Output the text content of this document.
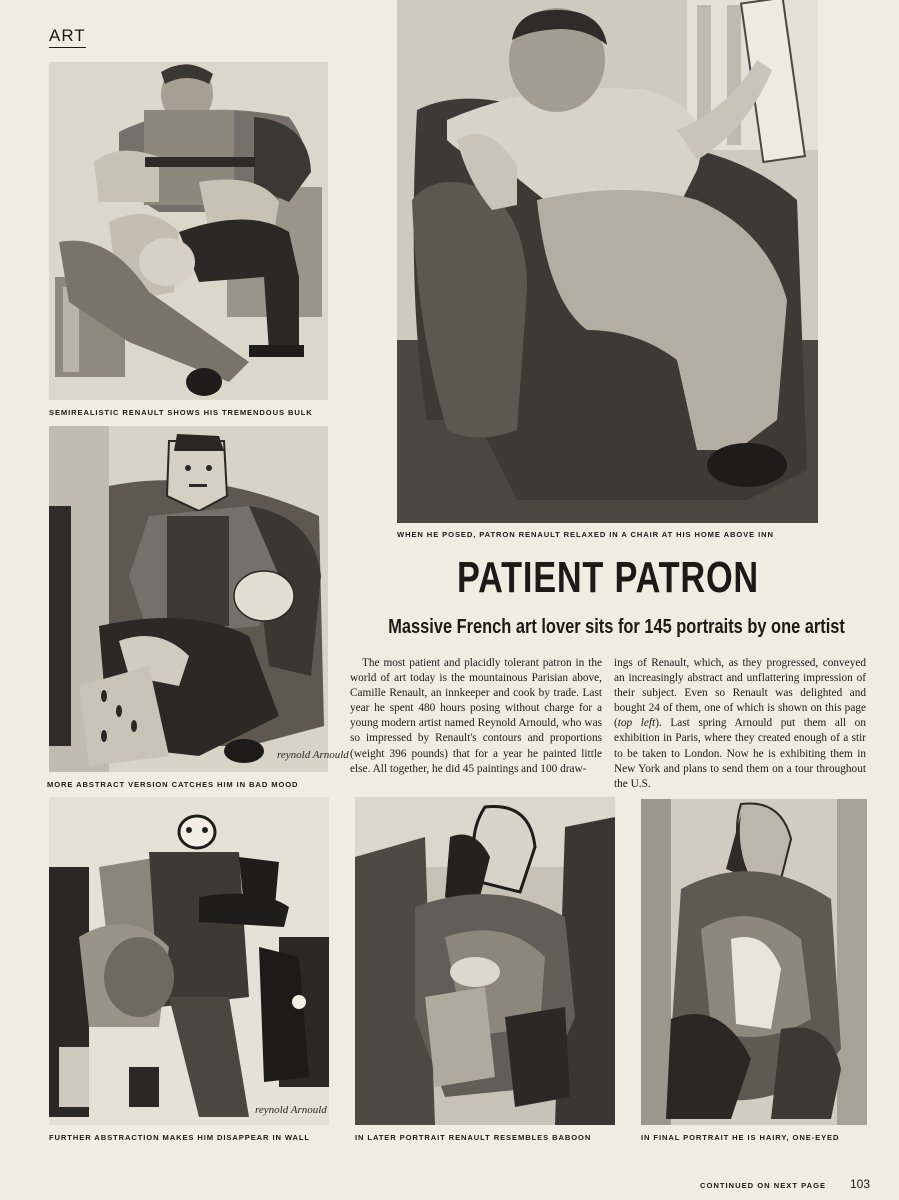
ART
SEMIREALISTIC RENAULT SHOWS HIS TREMENDOUS BULK
WHEN HE POSED, PATRON RENAULT RELAXED IN A CHAIR AT HIS HOME ABOVE INN
reynold Arnould
MORE ABSTRACT VERSION CATCHES HIM IN BAD MOOD
PATIENT PATRON
Massive French art lover sits for 145 portraits by one artist

The most patient and placidly tolerant patron in the world of art today is the mountainous Parisian above, Camille Renault, an innkeeper and cook by trade. Last year he spent 480 hours posing without charge for a young modern artist named Reynold Arnould, who was so impressed by Renault's contours and proportions (weight 396 pounds) that for a year he painted little else. All together, he did 45 paintings and 100 draw-

ings of Renault, which, as they progressed, conveyed an increasingly abstract and unflattering impression of their subject. Even so Renault was delighted and bought 24 of them, one of which is shown on this page (top left). Last spring Arnould put them all on exhibition in Paris, where they created enough of a stir to be taken to London. Now he is exhibiting them in New York and plans to send them on a tour throughout the U.S.

reynold Arnould
FURTHER ABSTRACTION MAKES HIM DISAPPEAR IN WALL	IN LATER PORTRAIT RENAULT RESEMBLES BABOON	IN FINAL PORTRAIT HE IS HAIRY, ONE-EYED
CONTINUED ON NEXT PAGE 103
